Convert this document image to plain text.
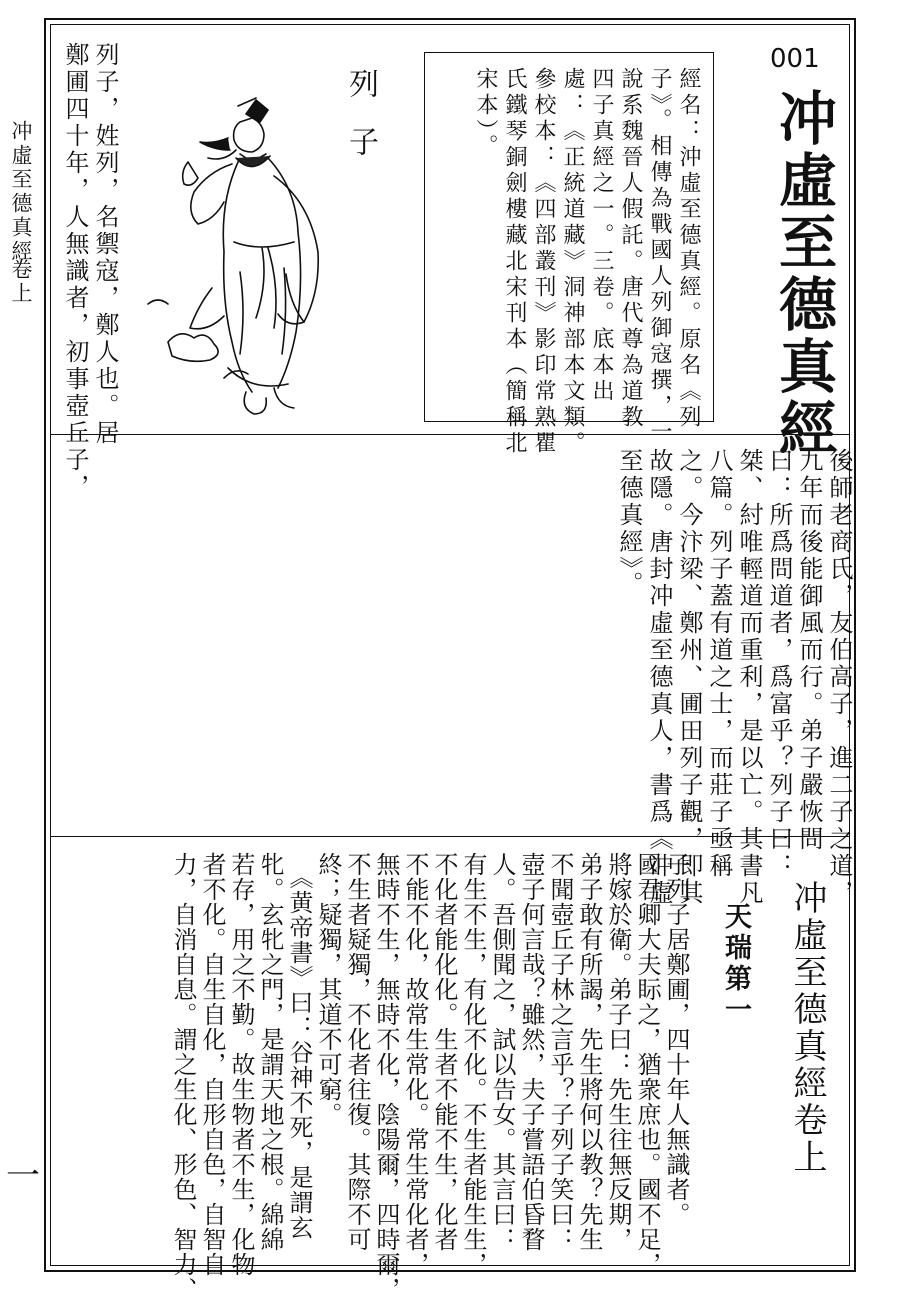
冲虛至德真經
卷上
一
001
冲虛至德真經
經名：沖虛至德真經。原名《列
子》。相傳為戰國人列御寇撰，一
說系魏晉人假託。唐代尊為道教
四子真經之一。三卷。底本出
處：《正統道藏》洞神部本文類。
參校本：《四部叢刊》影印常熟瞿
氏鐵琴銅劍樓藏北宋刊本（簡稱北
宋本）。
列子
列子，姓列，名禦寇，鄭人也。居
鄭圃四十年，人無識者，初事壺丘子，
後師老商氏，友伯高子，進二子之道，
九年而後能御風而行。弟子嚴恢問
曰：所爲問道者，爲富乎？列子曰：
桀、紂唯輕道而重利，是以亡。其書凡
八篇。列子蓋有道之士，而莊子亟稱
之。今汴梁、鄭州、圃田列子觀，即其
故隱。唐封冲虛至德真人，書爲《冲虛
至德真經》。
冲虛至德真經卷上
天瑞第一
子列子居鄭圃，四十年人無識者。
國君卿大夫眎之，猶衆庶也。國不足，
將嫁於衛。弟子曰：先生往無反期，
弟子敢有所謁，先生將何以教？先生
不聞壺丘子林之言乎？子列子笑曰：
壺子何言哉？雖然，夫子嘗語伯昏瞀
人。吾側聞之，試以告女。其言曰：
有生不生，有化不化。不生者能生生，
不化者能化化。生者不能不生，化者
不能不化，故常生常化。常生常化者，
無時不生，無時不化，陰陽爾，四時爾，
不生者疑獨，不化者往復。其際不可
終；疑獨，其道不可窮。
　《黄帝書》曰：谷神不死，是謂玄
牝。玄牝之門，是謂天地之根。綿綿
若存，用之不勤。故生物者不生，化物
者不化。自生自化，自形自色，自智自
力，自消自息。謂之生化、形色、智力、
